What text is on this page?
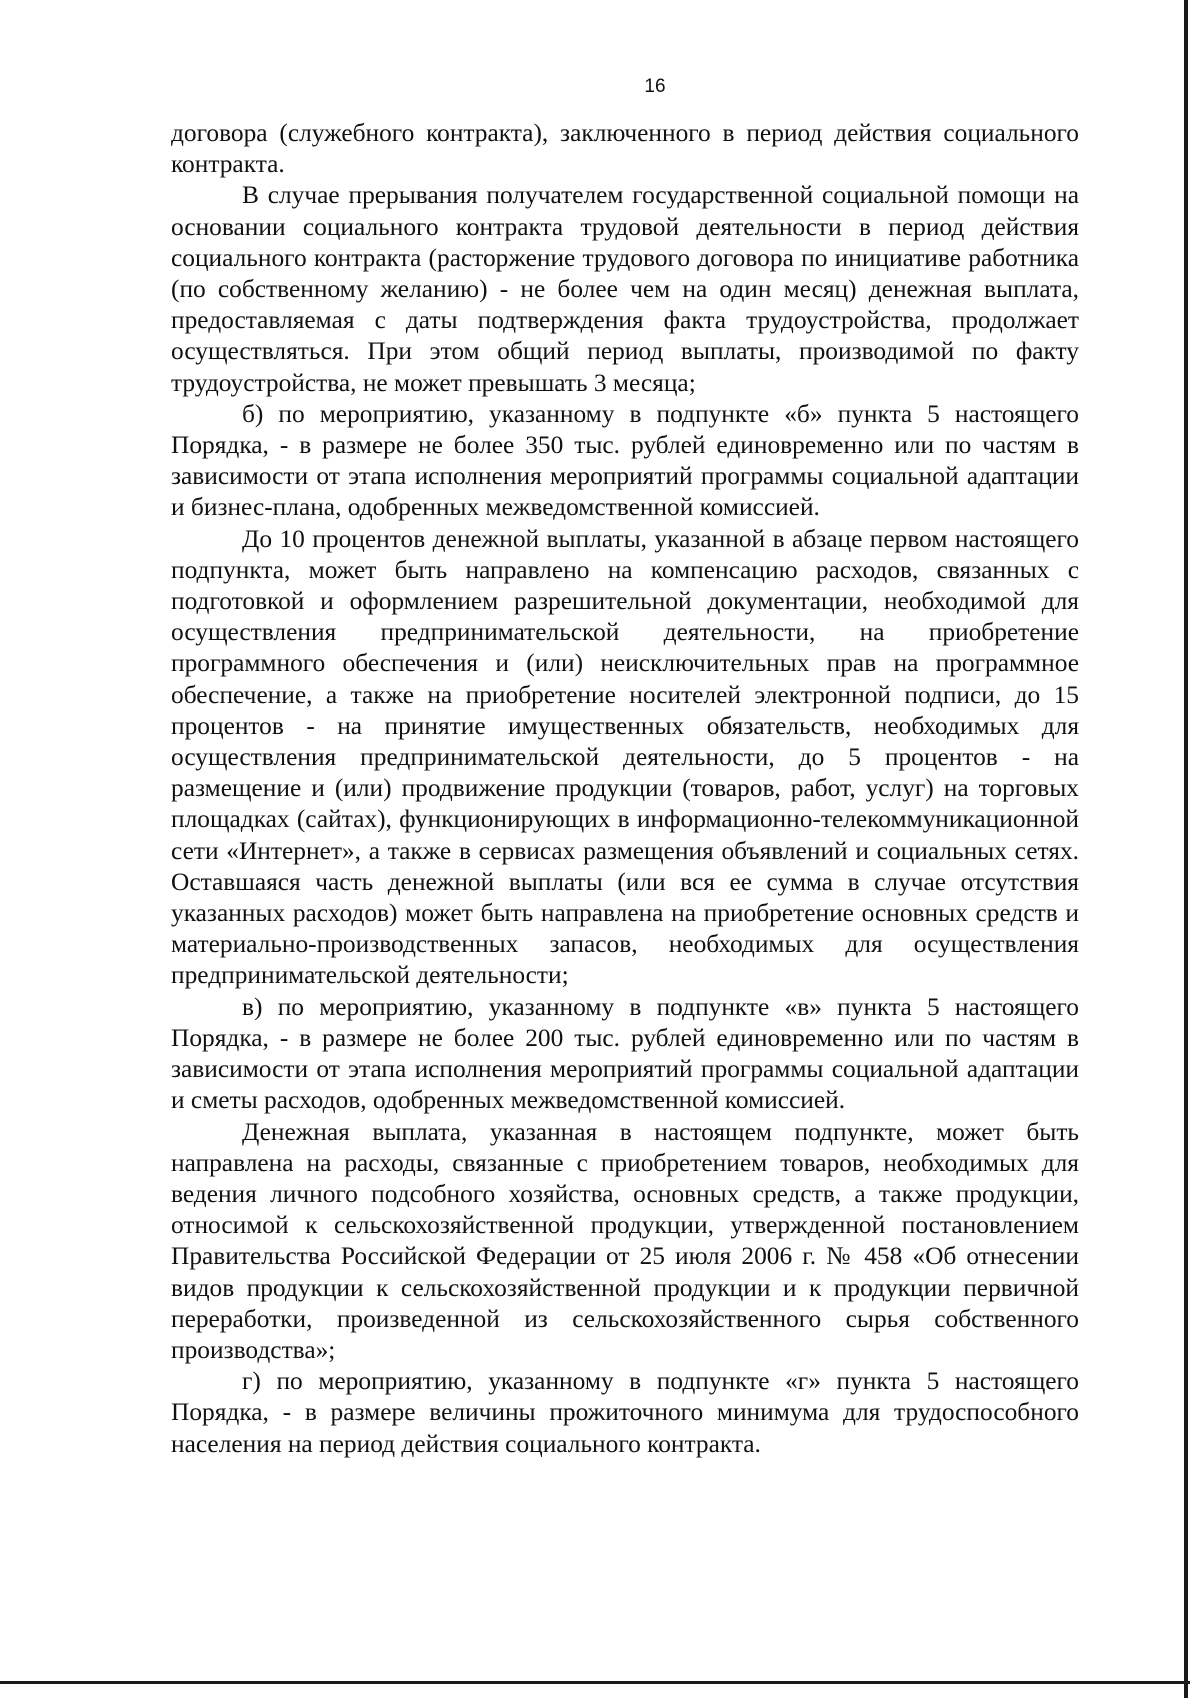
16

договора (служебного контракта), заключенного в период действия социального контракта.

В случае прерывания получателем государственной социальной помощи на основании социального контракта трудовой деятельности в период действия социального контракта (расторжение трудового договора по инициативе работника (по собственному желанию) - не более чем на один месяц) денежная выплата, предоставляемая с даты подтверждения факта трудоустройства, продолжает осуществляться. При этом общий период выплаты, производимой по факту трудоустройства, не может превышать 3 месяца;

б) по мероприятию, указанному в подпункте «б» пункта 5 настоящего Порядка, - в размере не более 350 тыс. рублей единовременно или по частям в зависимости от этапа исполнения мероприятий программы социальной адаптации и бизнес-плана, одобренных межведомственной комиссией.

До 10 процентов денежной выплаты, указанной в абзаце первом настоящего подпункта, может быть направлено на компенсацию расходов, связанных с подготовкой и оформлением разрешительной документации, необходимой для осуществления предпринимательской деятельности, на приобретение программного обеспечения и (или) неисключительных прав на программное обеспечение, а также на приобретение носителей электронной подписи, до 15 процентов - на принятие имущественных обязательств, необходимых для осуществления предпринимательской деятельности, до 5 процентов - на размещение и (или) продвижение продукции (товаров, работ, услуг) на торговых площадках (сайтах), функционирующих в информационно-телекоммуникационной сети «Интернет», а также в сервисах размещения объявлений и социальных сетях. Оставшаяся часть денежной выплаты (или вся ее сумма в случае отсутствия указанных расходов) может быть направлена на приобретение основных средств и материально-производственных запасов, необходимых для осуществления предпринимательской деятельности;

в) по мероприятию, указанному в подпункте «в» пункта 5 настоящего Порядка, - в размере не более 200 тыс. рублей единовременно или по частям в зависимости от этапа исполнения мероприятий программы социальной адаптации и сметы расходов, одобренных межведомственной комиссией.

Денежная выплата, указанная в настоящем подпункте, может быть направлена на расходы, связанные с приобретением товаров, необходимых для ведения личного подсобного хозяйства, основных средств, а также продукции, относимой к сельскохозяйственной продукции, утвержденной постановлением Правительства Российской Федерации от 25 июля 2006 г. № 458 «Об отнесении видов продукции к сельскохозяйственной продукции и к продукции первичной переработки, произведенной из сельскохозяйственного сырья собственного производства»;

г) по мероприятию, указанному в подпункте «г» пункта 5 настоящего Порядка, - в размере величины прожиточного минимума для трудоспособного населения на период действия социального контракта.
